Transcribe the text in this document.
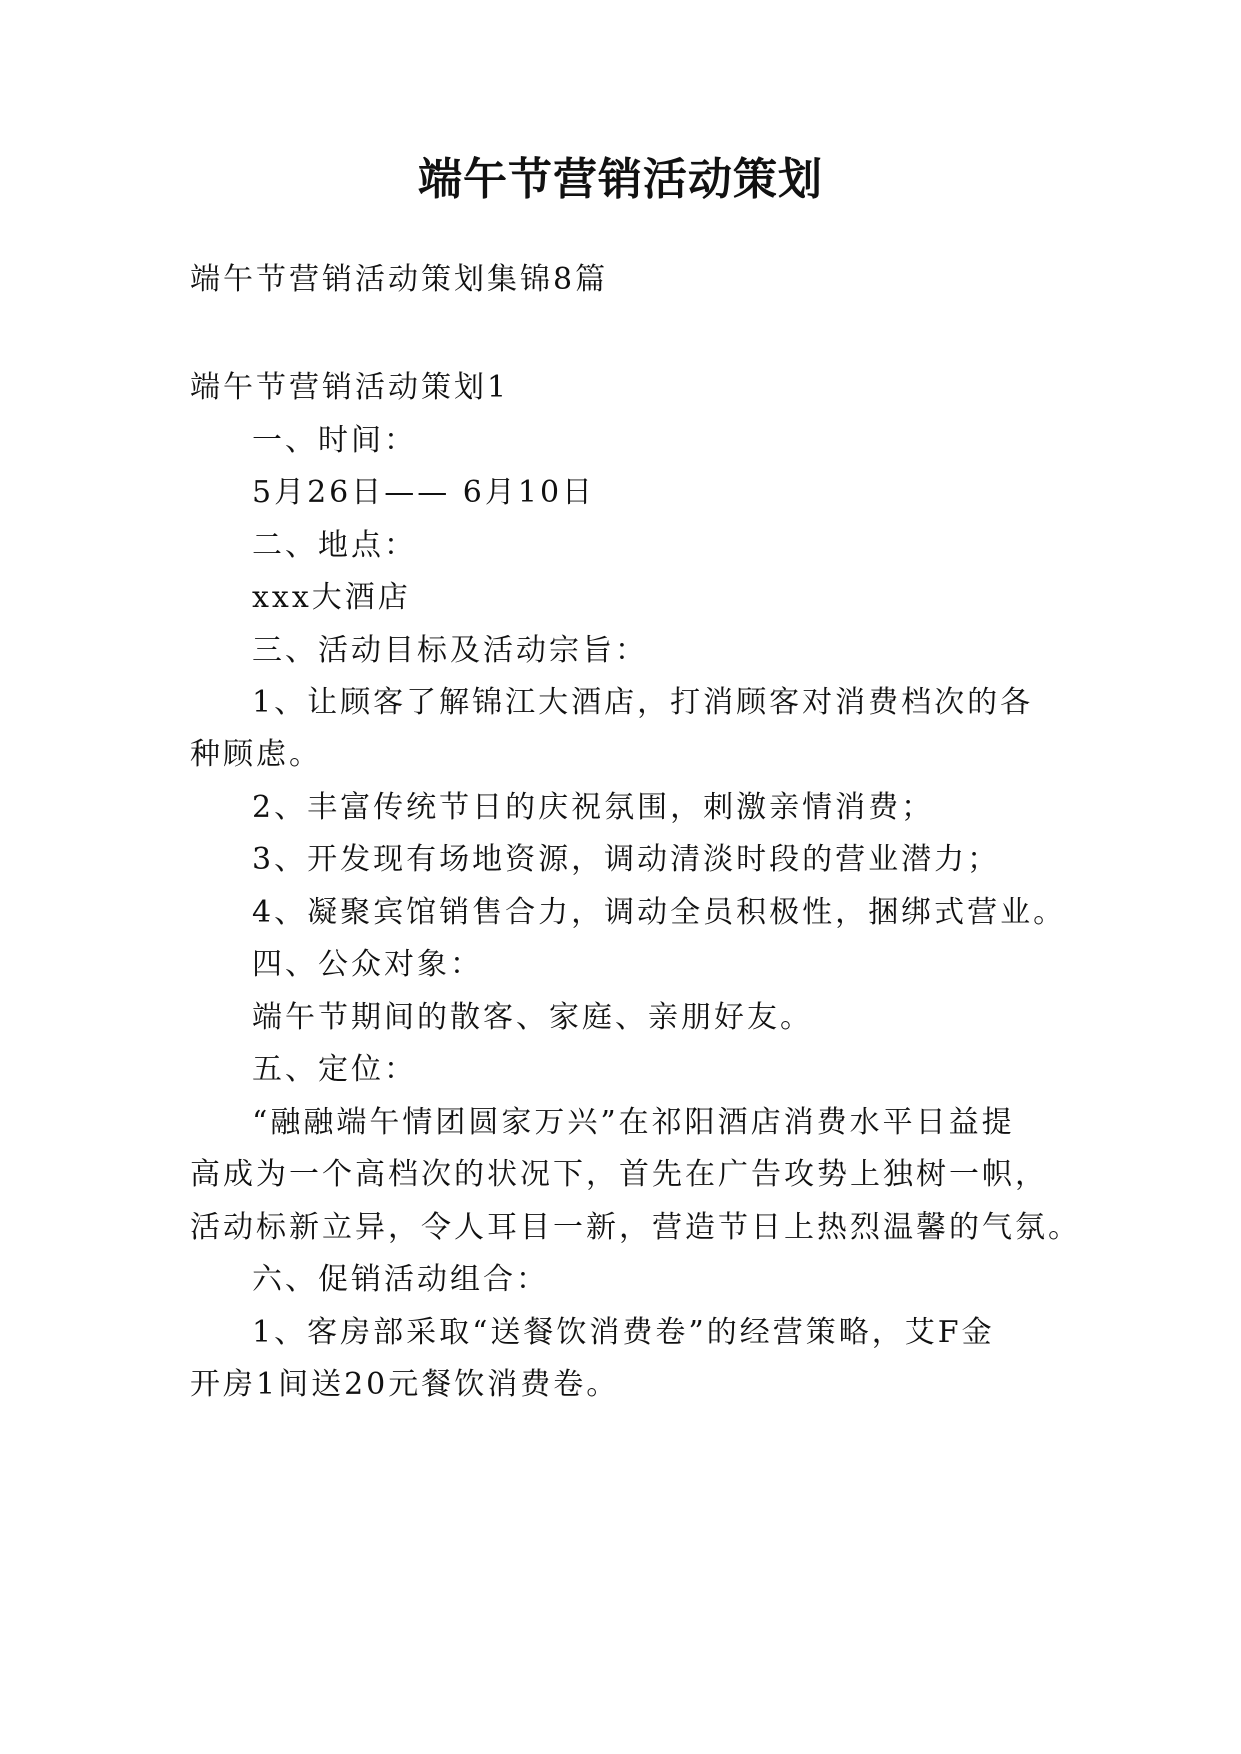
端午节营销活动策划
端午节营销活动策划集锦8篇
端午节营销活动策划1
一、时间：
5月26日—— 6月10日
二、地点：
xxx大酒店
三、活动目标及活动宗旨：
1、让顾客了解锦江大酒店，打消顾客对消费档次的各
种顾虑。
2、丰富传统节日的庆祝氛围，刺激亲情消费；
3、开发现有场地资源，调动清淡时段的营业潜力；
4、凝聚宾馆销售合力，调动全员积极性，捆绑式营业。
四、公众对象：
端午节期间的散客、家庭、亲朋好友。
五、定位：
“融融端午情团圆家万兴”在祁阳酒店消费水平日益提
高成为一个高档次的状况下，首先在广告攻势上独树一帜，
活动标新立异，令人耳目一新，营造节日上热烈温馨的气氛。
六、促销活动组合：
1、客房部采取“送餐饮消费卷”的经营策略，艾F金
开房1间送20元餐饮消费卷。
